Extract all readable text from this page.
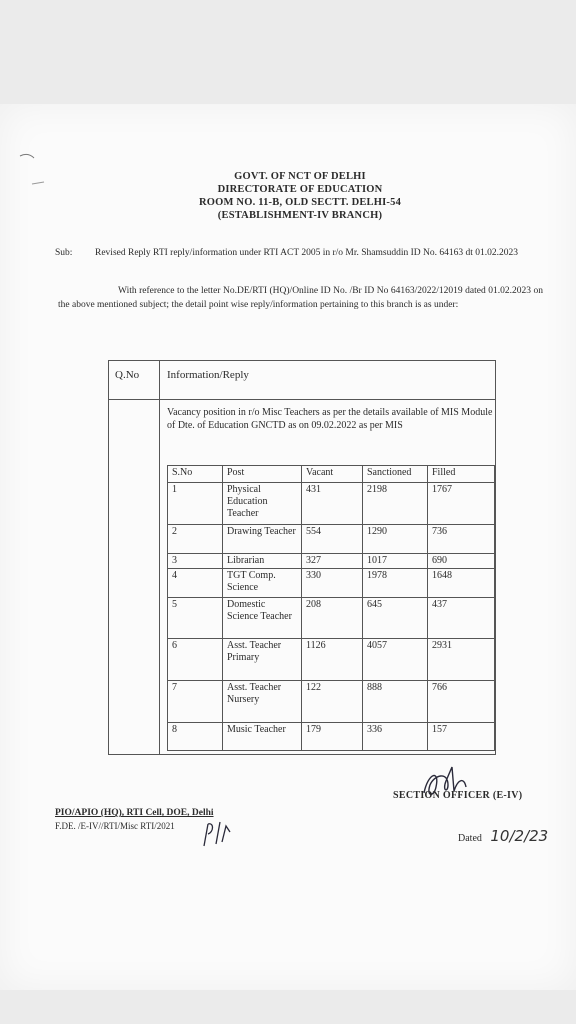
GOVT. OF NCT OF DELHI
DIRECTORATE OF EDUCATION
ROOM NO. 11-B, OLD SECTT. DELHI-54
(ESTABLISHMENT-IV BRANCH)
Sub: Revised Reply RTI reply/information under RTI ACT 2005 in r/o Mr. Shamsuddin ID No. 64163 dt 01.02.2023

With reference to the letter No.DE/RTI (HQ)/Online ID No. /Br ID No 64163/2022/12019 dated 01.02.2023 on the above mentioned subject; the detail point wise reply/information pertaining to this branch is as under:

Q.No	Information/Reply
Vacancy position in r/o Misc Teachers as per the details available of MIS Module of Dte. of Education GNCTD as on 09.02.2022 as per MIS
S.No	Post	Vacant	Sanctioned	Filled
1	Physical Education Teacher	431	2198	1767
2	Drawing Teacher	554	1290	736
3	Librarian	327	1017	690
4	TGT Comp. Science	330	1978	1648
5	Domestic Science Teacher	208	645	437
6	Asst. Teacher Primary	1126	4057	2931
7	Asst. Teacher Nursery	122	888	766
8	Music Teacher	179	336	157
SECTION OFFICER (E-IV)
PIO/APIO (HQ), RTI Cell, DOE, Delhi
F.DE. /E-IV//RTI/Misc RTI/2021
Dated 10/2/23
